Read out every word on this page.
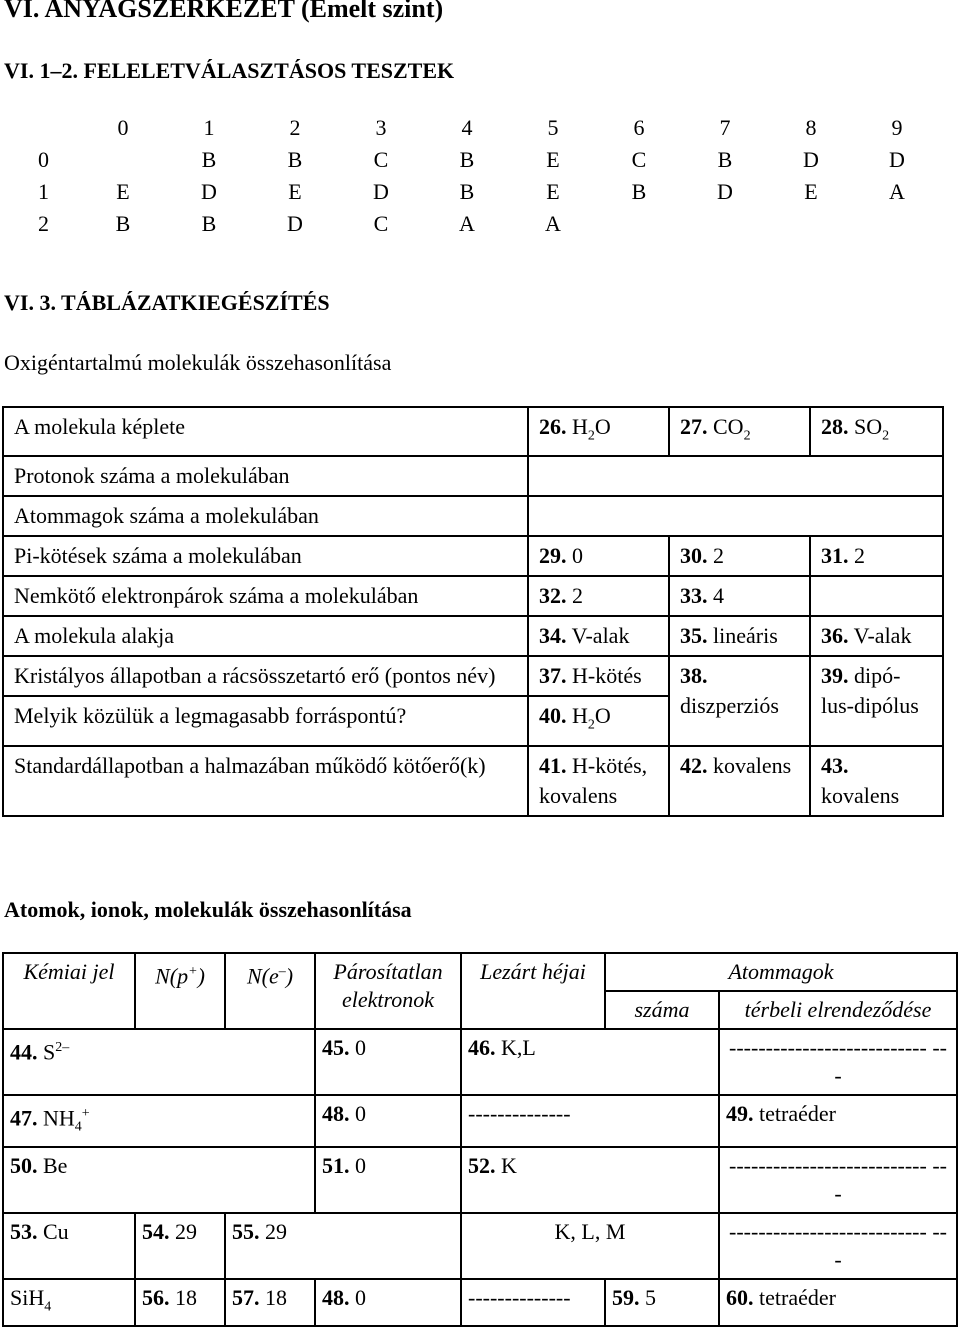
VI. ANYAGSZERKEZET (Emelt szint)
VI. 1–2. FELELETVÁLASZTÁSOS TESZTEK
	0	1	2	3	4	5	6	7	8	9
0		B	B	C	B	E	C	B	D	D
1	E	D	E	D	B	E	B	D	E	A
2	B	B	D	C	A	A				
VI. 3. TÁBLÁZATKIEGÉSZÍTÉS
Oxigéntartalmú molekulák összehasonlítása
A molekula képlete	26. $H_2O$	27. $CO_2$	28. $SO_2$
Protonok száma a molekulában			
Atommagok száma a molekulában			
Pi-kötések száma a molekulában	29. 0	30. 2	31. 2
Nemkötő elektronpárok száma a molekulában	32. 2	33. 4	
A molekula alakja	34. V-alak	35. lineáris	36. V-alak
Kristályos állapotban a rácsösszetartó erő (pontos név)	37. H-kötés	38. diszperziós	39. dipó-lus-dipólus
Melyik közülük a legmagasabb forráspontú?	40. $H_2O$		
Standardállapotban a halmazában működő kötőerő(k)	41. H-kötés, kovalens	42. kovalens	43. kovalens
Atomok, ionok, molekulák összehasonlítása
Kémiai jel	N(p+)	N(e–)	Párosítatlan elektronok	Lezárt héjai	Atommagok	
					száma	térbeli elrendeződése
44. $S^{2-}$			45. 0	46. K,L		--------------------------- ---
47. $NH_4^+$			48. 0	--------------		49. tetraéder
50. Be			51. 0	52. K		--------------------------- ---
53. Cu	54. 29	55. 29		K, L, M		--------------------------- ---
SiH$_4$	56. 18	57. 18	48. 0	--------------	59. 5	60. tetraéder
